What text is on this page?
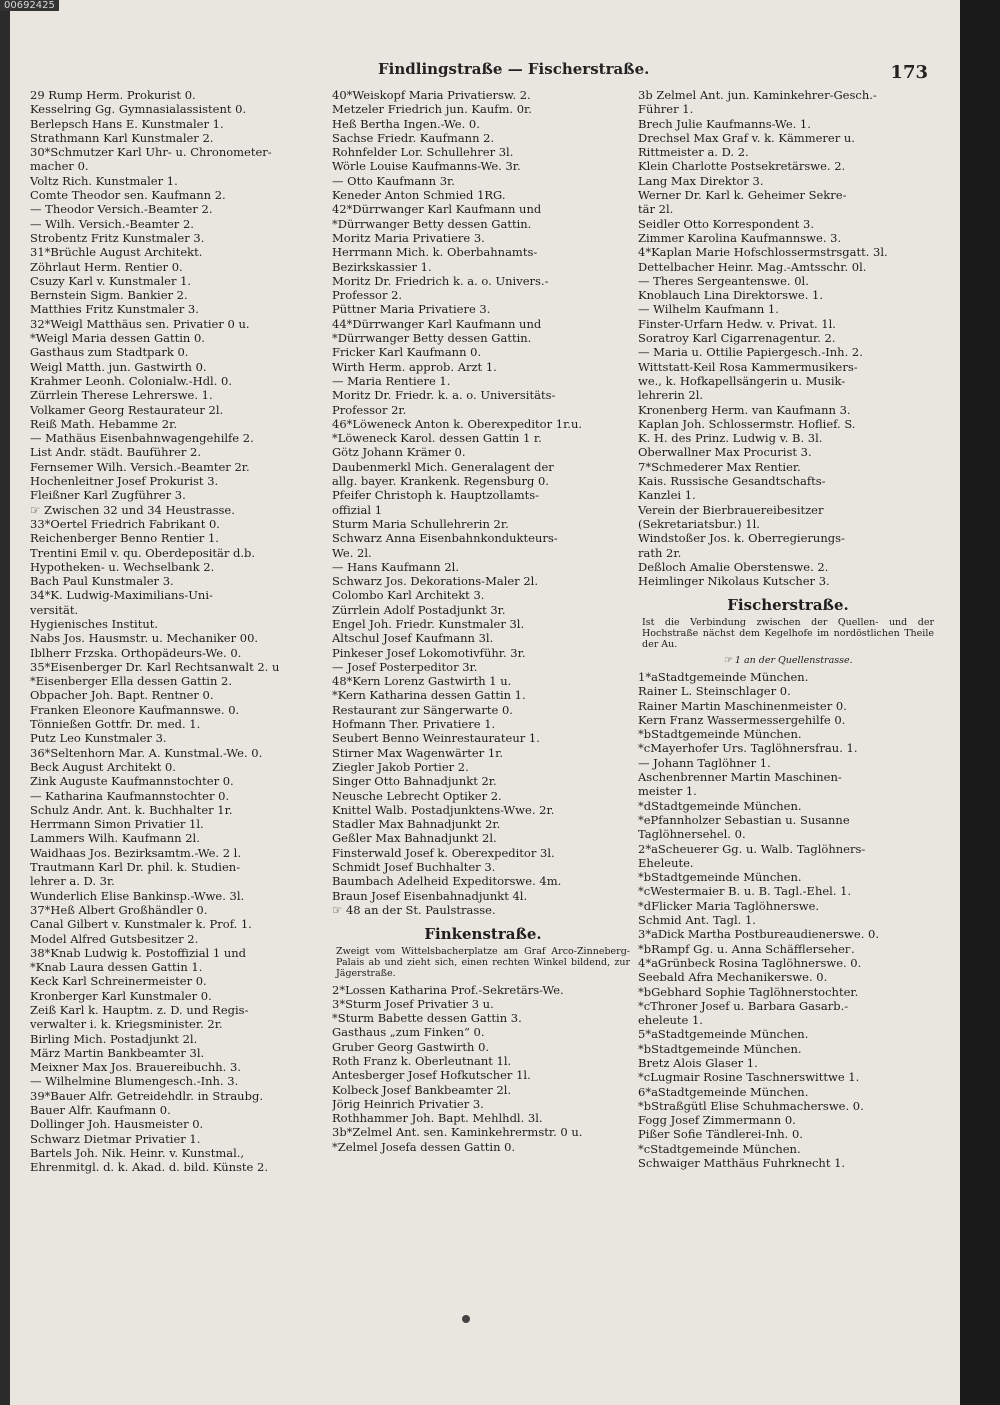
Findlingstraße — Fischerstraße.	173
29 Rump Herm. Prokurist 0.
Kesselring Gg. Gymnasialassistent 0.
Berlepsch Hans E. Kunstmaler 1.
Strathmann Karl Kunstmaler 2.
30*Schmutzer Karl Uhr- u. Chronometer-
macher 0.
Voltz Rich. Kunstmaler 1.
Comte Theodor sen. Kaufmann 2.
— Theodor Versich.-Beamter 2.
— Wilh. Versich.-Beamter 2.
Strobentz Fritz Kunstmaler 3.
31*Brüchle August Architekt.
Zöhrlaut Herm. Rentier 0.
Csuzy Karl v. Kunstmaler 1.
Bernstein Sigm. Bankier 2.
Matthies Fritz Kunstmaler 3.
32*Weigl Matthäus sen. Privatier 0 u.
*Weigl Maria dessen Gattin 0.
Gasthaus zum Stadtpark 0.
Weigl Matth. jun. Gastwirth 0.
Krahmer Leonh. Colonialw.-Hdl. 0.
Zürrlein Therese Lehrerswe. 1.
Volkamer Georg Restaurateur 2l.
Reiß Math. Hebamme 2r.
— Mathäus Eisenbahnwagengehilfe 2.
List Andr. städt. Bauführer 2.
Fernsemer Wilh. Versich.-Beamter 2r.
Hochenleitner Josef Prokurist 3.
Fleißner Karl Zugführer 3.
☞ Zwischen 32 und 34 Heustrasse.
33*Oertel Friedrich Fabrikant 0.
Reichenberger Benno Rentier 1.
Trentini Emil v. qu. Oberdepositär d.b.
Hypotheken- u. Wechselbank 2.
Bach Paul Kunstmaler 3.
34*K. Ludwig-Maximilians-Uni-
versität.
Hygienisches Institut.
Nabs Jos. Hausmstr. u. Mechaniker 00.
Iblherr Frzska. Orthopädeurs-We. 0.
35*Eisenberger Dr. Karl Rechtsanwalt 2. u
*Eisenberger Ella dessen Gattin 2.
Obpacher Joh. Bapt. Rentner 0.
Franken Eleonore Kaufmannswe. 0.
Tönnießen Gottfr. Dr. med. 1.
Putz Leo Kunstmaler 3.
36*Seltenhorn Mar. A. Kunstmal.-We. 0.
Beck August Architekt 0.
Zink Auguste Kaufmannstochter 0.
— Katharina Kaufmannstochter 0.
Schulz Andr. Ant. k. Buchhalter 1r.
Herrmann Simon Privatier 1l.
Lammers Wilh. Kaufmann 2l.
Waidhaas Jos. Bezirksamtm.-We. 2 l.
Trautmann Karl Dr. phil. k. Studien-
lehrer a. D. 3r.
Wunderlich Elise Bankinsp.-Wwe. 3l.
37*Heß Albert Großhändler 0.
Canal Gilbert v. Kunstmaler k. Prof. 1.
Model Alfred Gutsbesitzer 2.
38*Knab Ludwig k. Postoffizial 1 und
*Knab Laura dessen Gattin 1.
Keck Karl Schreinermeister 0.
Kronberger Karl Kunstmaler 0.
Zeiß Karl k. Hauptm. z. D. und Regis-
verwalter i. k. Kriegsminister. 2r.
Birling Mich. Postadjunkt 2l.
März Martin Bankbeamter 3l.
Meixner Max Jos. Brauereibuchh. 3.
— Wilhelmine Blumengesch.-Inh. 3.
39*Bauer Alfr. Getreidehdlr. in Straubg.
Bauer Alfr. Kaufmann 0.
Dollinger Joh. Hausmeister 0.
Schwarz Dietmar Privatier 1.
Bartels Joh. Nik. Heinr. v. Kunstmal.,
Ehrenmitgl. d. k. Akad. d. bild. Künste 2.
40*Weiskopf Maria Privatiersw. 2.
Metzeler Friedrich jun. Kaufm. 0r.
Heß Bertha Ingen.-We. 0.
Sachse Friedr. Kaufmann 2.
Rohnfelder Lor. Schullehrer 3l.
Wörle Louise Kaufmanns-We. 3r.
— Otto Kaufmann 3r.
Keneder Anton Schmied 1RG.
42*Dürrwanger Karl Kaufmann und
*Dürrwanger Betty dessen Gattin.
Moritz Maria Privatiere 3.
Herrmann Mich. k. Oberbahnamts-
Bezirkskassier 1.
Moritz Dr. Friedrich k. a. o. Univers.-
Professor 2.
Püttner Maria Privatiere 3.
44*Dürrwanger Karl Kaufmann und
*Dürrwanger Betty dessen Gattin.
Fricker Karl Kaufmann 0.
Wirth Herm. approb. Arzt 1.
— Maria Rentiere 1.
Moritz Dr. Friedr. k. a. o. Universitäts-
Professor 2r.
46*Löweneck Anton k. Oberexpeditor 1r.u.
*Löweneck Karol. dessen Gattin 1 r.
Götz Johann Krämer 0.
Daubenmerkl Mich. Generalagent der
allg. bayer. Krankenk. Regensburg 0.
Pfeifer Christoph k. Hauptzollamts-
offizial 1
Sturm Maria Schullehrerin 2r.
Schwarz Anna Eisenbahnkondukteurs-
We. 2l.
— Hans Kaufmann 2l.
Schwarz Jos. Dekorations-Maler 2l.
Colombo Karl Architekt 3.
Zürrlein Adolf Postadjunkt 3r.
Engel Joh. Friedr. Kunstmaler 3l.
Altschul Josef Kaufmann 3l.
Pinkeser Josef Lokomotivführ. 3r.
— Josef Posterpeditor 3r.
48*Kern Lorenz Gastwirth 1 u.
*Kern Katharina dessen Gattin 1.
Restaurant zur Sängerwarte 0.
Hofmann Ther. Privatiere 1.
Seubert Benno Weinrestaurateur 1.
Stirner Max Wagenwärter 1r.
Ziegler Jakob Portier 2.
Singer Otto Bahnadjunkt 2r.
Neusche Lebrecht Optiker 2.
Knittel Walb. Postadjunktens-Wwe. 2r.
Stadler Max Bahnadjunkt 2r.
Geßler Max Bahnadjunkt 2l.
Finsterwald Josef k. Oberexpeditor 3l.
Schmidt Josef Buchhalter 3.
Baumbach Adelheid Expeditorswe. 4m.
Braun Josef Eisenbahnadjunkt 4l.
☞ 48 an der St. Paulstrasse.
Finkenstraße.
Zweigt vom Wittelsbacherplatze am Graf Arco-Zinneberg-Palais ab und zieht sich, einen rechten Winkel bildend, zur Jägerstraße.
2*Lossen Katharina Prof.-Sekretärs-We.
3*Sturm Josef Privatier 3 u.
*Sturm Babette dessen Gattin 3.
Gasthaus „zum Finken“ 0.
Gruber Georg Gastwirth 0.
Roth Franz k. Oberleutnant 1l.
Antesberger Josef Hofkutscher 1l.
Kolbeck Josef Bankbeamter 2l.
Jörig Heinrich Privatier 3.
Rothhammer Joh. Bapt. Mehlhdl. 3l.
3b*Zelmel Ant. sen. Kaminkehrermstr. 0 u.
*Zelmel Josefa dessen Gattin 0.
3b Zelmel Ant. jun. Kaminkehrer-Gesch.-
Führer 1.
Brech Julie Kaufmanns-We. 1.
Drechsel Max Graf v. k. Kämmerer u.
Rittmeister a. D. 2.
Klein Charlotte Postsekretärswe. 2.
Lang Max Direktor 3.
Werner Dr. Karl k. Geheimer Sekre-
tär 2l.
Seidler Otto Korrespondent 3.
Zimmer Karolina Kaufmannswe. 3.
4*Kaplan Marie Hofschlossermstrsgatt. 3l.
Dettelbacher Heinr. Mag.-Amtsschr. 0l.
— Theres Sergeantenswe. 0l.
Knoblauch Lina Direktorswe. 1.
— Wilhelm Kaufmann 1.
Finster-Urfarn Hedw. v. Privat. 1l.
Soratroy Karl Cigarrenagentur. 2.
— Maria u. Ottilie Papiergesch.-Inh. 2.
Wittstatt-Keil Rosa Kammermusikers-
we., k. Hofkapellsängerin u. Musik-
lehrerin 2l.
Kronenberg Herm. van Kaufmann 3.
Kaplan Joh. Schlossermstr. Hoflief. S.
K. H. des Prinz. Ludwig v. B. 3l.
Oberwallner Max Procurist 3.
7*Schmederer Max Rentier.
Kais. Russische Gesandtschafts-
Kanzlei 1.
Verein der Bierbrauereibesitzer
(Sekretariatsbur.) 1l.
Windstoßer Jos. k. Oberregierungs-
rath 2r.
Deßloch Amalie Oberstenswe. 2.
Heimlinger Nikolaus Kutscher 3.
Fischerstraße.
Ist die Verbindung zwischen der Quellen- und der Hochstraße nächst dem Kegelhofe im nordöstlichen Theile der Au.
☞ 1 an der Quellenstrasse.
1*aStadtgemeinde München.
Rainer L. Steinschlager 0.
Rainer Martin Maschinenmeister 0.
Kern Franz Wassermessergehilfe 0.
*bStadtgemeinde München.
*cMayerhofer Urs. Taglöhnersfrau. 1.
— Johann Taglöhner 1.
Aschenbrenner Martin Maschinen-
meister 1.
*dStadtgemeinde München.
*ePfannholzer Sebastian u. Susanne
Taglöhnersehel. 0.
2*aScheuerer Gg. u. Walb. Taglöhners-
Eheleute.
*bStadtgemeinde München.
*cWestermaier B. u. B. Tagl.-Ehel. 1.
*dFlicker Maria Taglöhnerswe.
Schmid Ant. Tagl. 1.
3*aDick Martha Postbureaudienerswe. 0.
*bRampf Gg. u. Anna Schäfflersehег.
4*aGrünbeck Rosina Taglöhnerswe. 0.
Seebald Afra Mechanikerswe. 0.
*bGebhard Sophie Taglöhnerstochter.
*cThroner Josef u. Barbara Gasarb.-
eheleute 1.
5*aStadtgemeinde München.
*bStadtgemeinde München.
Bretz Alois Glaser 1.
*cLugmair Rosine Taschnerswittwe 1.
6*aStadtgemeinde München.
*bStraßgütl Elise Schuhmacherswe. 0.
Fogg Josef Zimmermann 0.
Pißer Sofie Tändlerei-Inh. 0.
*cStadtgemeinde München.
Schwaiger Matthäus Fuhrknecht 1.
00692425
